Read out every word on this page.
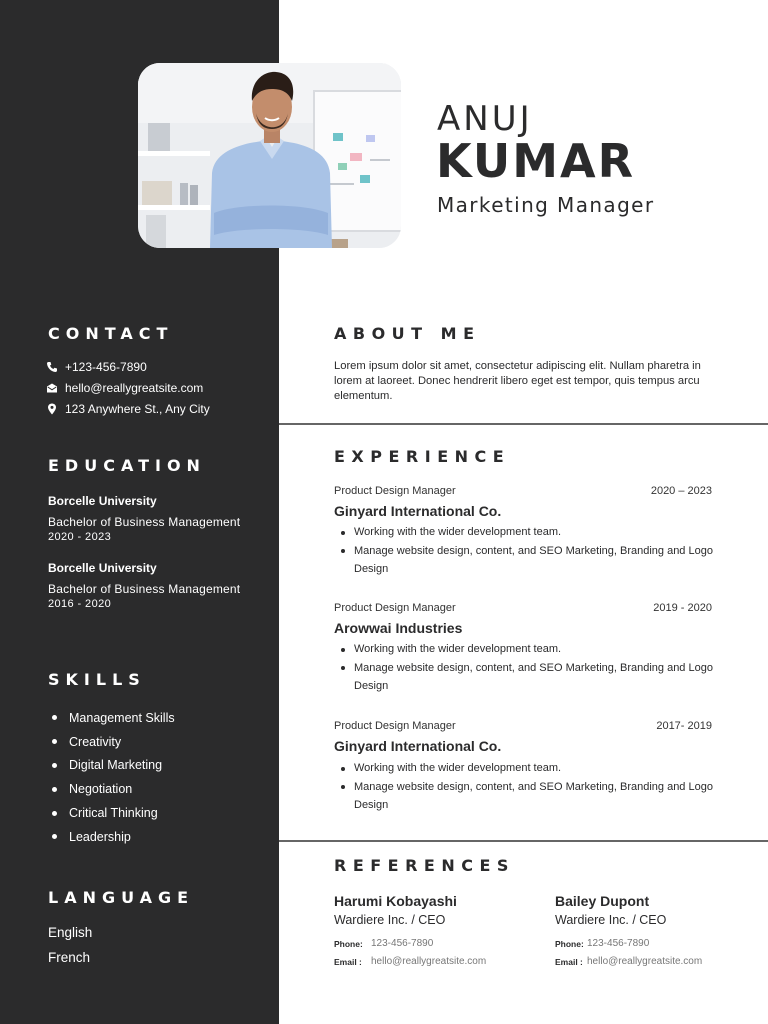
CONTACT
+123-456-7890
hello@reallygreatsite.com
123 Anywhere St., Any City
EDUCATION
Borcelle University
Bachelor of Business Management
2020 - 2023
Borcelle University
Bachelor of Business Management
2016 - 2020
SKILLS
Management Skills
Creativity
Digital Marketing
Negotiation
Critical Thinking
Leadership
LANGUAGE
English
French
ANUJ
KUMAR
Marketing Manager
ABOUT ME
Lorem ipsum dolor sit amet, consectetur adipiscing elit. Nullam pharetra in lorem at laoreet. Donec hendrerit libero eget est tempor, quis tempus arcu elementum.
EXPERIENCE
Product Design Manager	2020 – 2023
Ginyard International Co.
Working with the wider development team.
Manage website design, content, and SEO Marketing, Branding and Logo Design
Product Design Manager	2019 - 2020
Arowwai Industries
Working with the wider development team.
Manage website design, content, and SEO Marketing, Branding and Logo Design
Product Design Manager	2017- 2019
Ginyard International Co.
Working with the wider development team.
Manage website design, content, and SEO Marketing, Branding and Logo Design
REFERENCES
Harumi Kobayashi
Wardiere Inc. / CEO
Phone: 123-456-7890
Email : hello@reallygreatsite.com
Bailey Dupont
Wardiere Inc. / CEO
Phone: 123-456-7890
Email : hello@reallygreatsite.com
